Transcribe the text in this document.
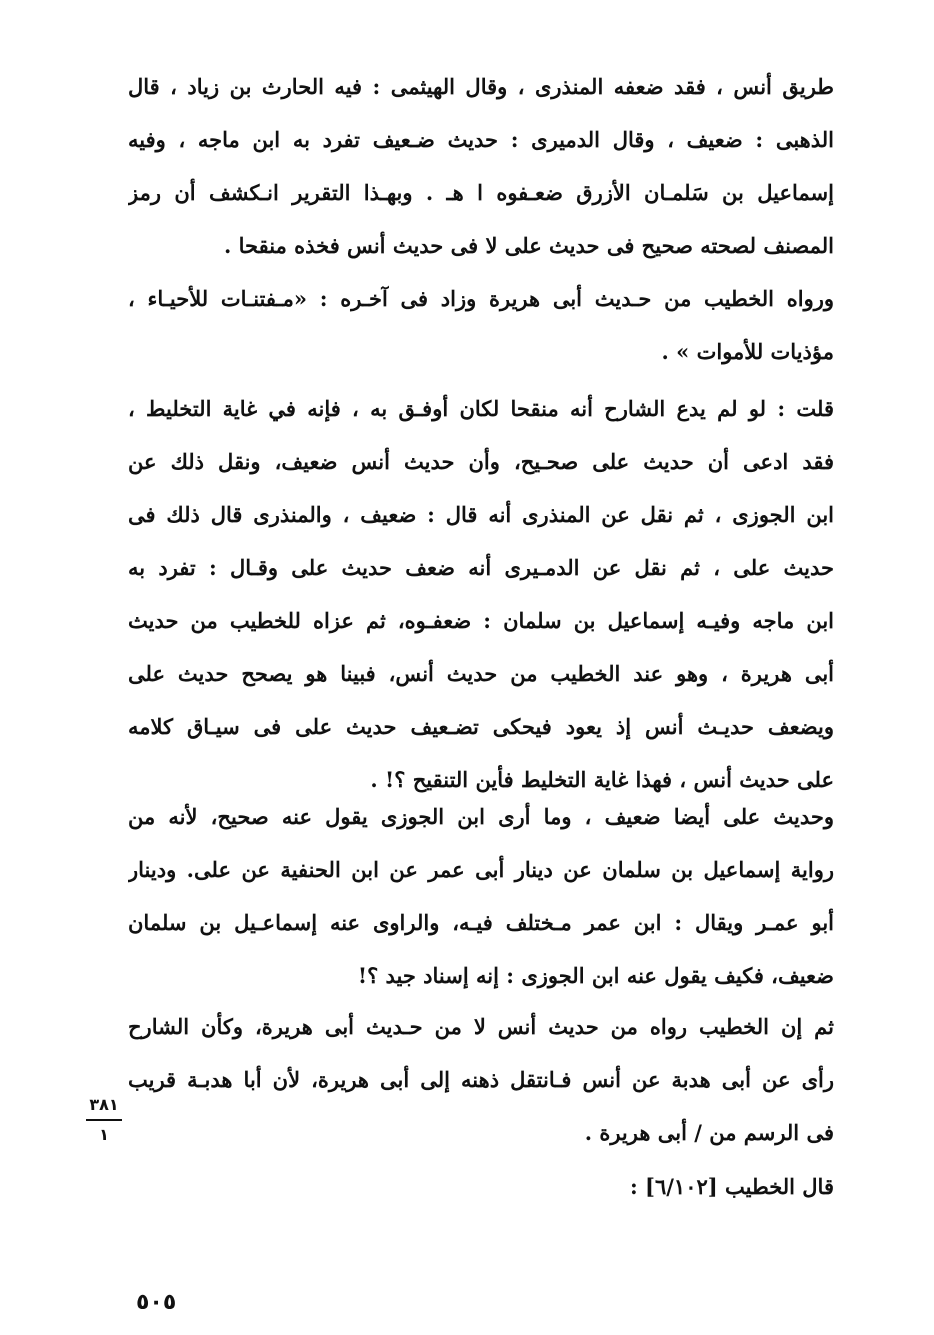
طريق أنس ، فقد ضعفه المنذرى ، وقال الهيثمى : فيه الحارث بن زياد ، قال
الذهبى : ضعيف ، وقال الدميرى : حديث ضـعيف تفرد به ابن ماجه ، وفيه
إسماعيل بن سَلمـان الأزرق ضعـفوه ا هـ . وبهـذا التقرير انـكشف أن رمز
المصنف لصحته صحيح فى حديث على لا فى حديث أنس فخذه منقحا .
ورواه الخطيب من حـديث أبى هريرة وزاد فى آخـره : «مـفتنـات للأحيـاء ،
مؤذيات للأموات » .
قلت : لو لم يدع الشارح أنه منقحا لكان أوفـق به ، فإنه في غاية التخليط ،
فقد ادعى أن حديث على صحـيح، وأن حديث أنس ضعيف، ونقل ذلك عن
ابن الجوزى ، ثم نقل عن المنذرى أنه قال : ضعيف ، والمنذرى قال ذلك فى
حديث على ، ثم نقل عن الدمـيرى أنه ضعف حديث على وقـال : تفرد به
ابن ماجه وفيـه إسماعيل بن سلمان : ضعفـوه، ثم عزاه للخطيب من حديث
أبى هريرة ، وهو عند الخطيب من حديث أنس، فبينا هو يصحح حديث على
ويضعف حديـث أنس إذ يعود فيحكى تضـعيف حديث على فى سيـاق كلامه
على حديث أنس ، فهذا غاية التخليط فأين التنقيح ؟! .
وحديث على أيضا ضعيف ، وما أرى ابن الجوزى يقول عنه صحيح، لأنه من
رواية إسماعيل بن سلمان عن دينار أبى عمر عن ابن الحنفية عن على. ودينار
أبو عمـر ويقال : ابن عمر مـختلف فيـه، والراوى عنه إسماعـيل بن سلمان
ضعيف، فكيف يقول عنه ابن الجوزى : إنه إسناد جيد ؟!
ثم إن الخطيب رواه من حديث أنس لا من حـديث أبى هريرة، وكأن الشارح
رأى عن أبى هدبة عن أنس فـانتقل ذهنه إلى أبى هريرة، لأن أبا هدبـة قريب
فى الرسم من / أبى هريرة .
قال الخطيب [٦/١٠٢] :
٣٨١
١
٥٠٥
